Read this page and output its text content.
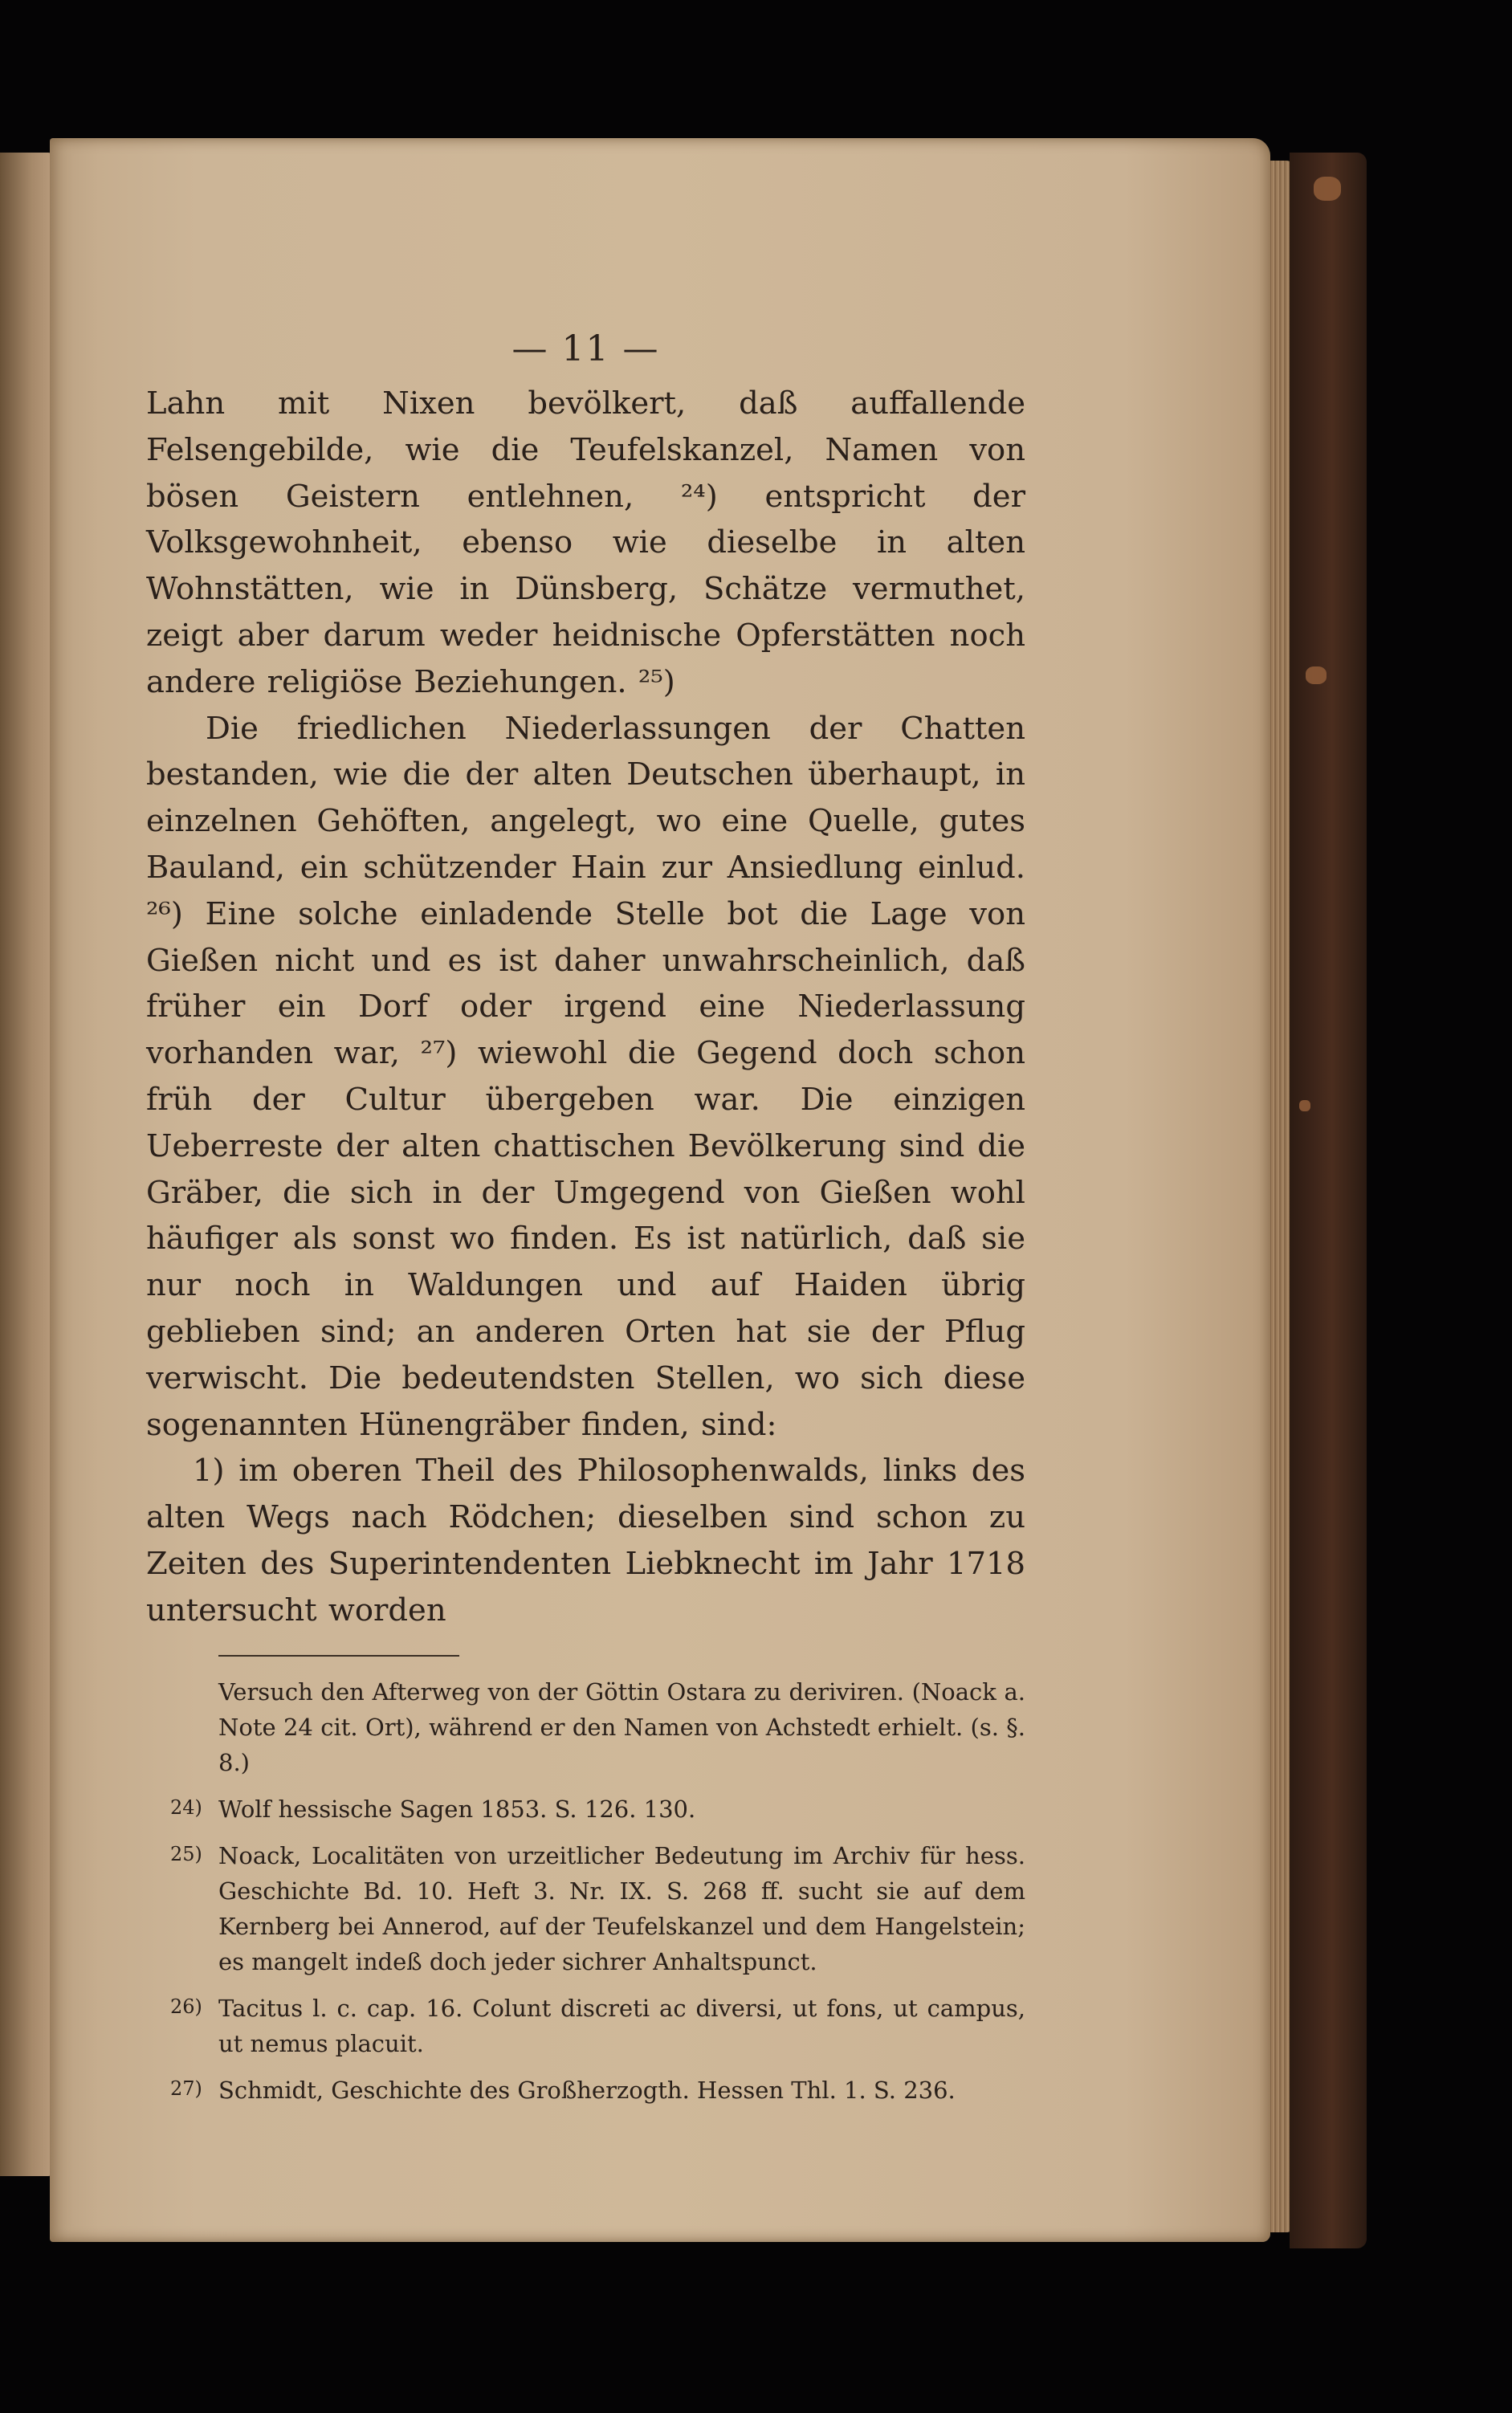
— 11 —

Lahn mit Nixen bevölkert, daß auffallende Felsengebilde, wie die Teufelskanzel, Namen von bösen Geistern entlehnen, ²⁴) entspricht der Volksgewohnheit, ebenso wie dieselbe in alten Wohnstätten, wie in Dünsberg, Schätze vermuthet, zeigt aber darum weder heidnische Opferstätten noch andere religiöse Beziehungen. ²⁵)

Die friedlichen Niederlassungen der Chatten bestanden, wie die der alten Deutschen überhaupt, in einzelnen Gehöften, angelegt, wo eine Quelle, gutes Bauland, ein schützender Hain zur Ansiedlung einlud. ²⁶) Eine solche einladende Stelle bot die Lage von Gießen nicht und es ist daher unwahrscheinlich, daß früher ein Dorf oder irgend eine Niederlassung vorhanden war, ²⁷) wiewohl die Gegend doch schon früh der Cultur übergeben war. Die einzigen Ueberreste der alten chattischen Bevölkerung sind die Gräber, die sich in der Umgegend von Gießen wohl häufiger als sonst wo finden. Es ist natürlich, daß sie nur noch in Waldungen und auf Haiden übrig geblieben sind; an anderen Orten hat sie der Pflug verwischt. Die bedeutendsten Stellen, wo sich diese sogenannten Hünengräber finden, sind:

1) im oberen Theil des Philosophenwalds, links des alten Wegs nach Rödchen; dieselben sind schon zu Zeiten des Superintendenten Liebknecht im Jahr 1718 untersucht worden

Versuch den Afterweg von der Göttin Ostara zu deriviren. (Noack a. Note 24 cit. Ort), während er den Namen von Achstedt erhielt. (s. §. 8.)
24) Wolf hessische Sagen 1853. S. 126. 130.
25) Noack, Localitäten von urzeitlicher Bedeutung im Archiv für hess. Geschichte Bd. 10. Heft 3. Nr. IX. S. 268 ff. sucht sie auf dem Kernberg bei Annerod, auf der Teufelskanzel und dem Hangelstein; es mangelt indeß doch jeder sichrer Anhaltspunct.
26) Tacitus l. c. cap. 16. Colunt discreti ac diversi, ut fons, ut campus, ut nemus placuit.
27) Schmidt, Geschichte des Großherzogth. Hessen Thl. 1. S. 236.
